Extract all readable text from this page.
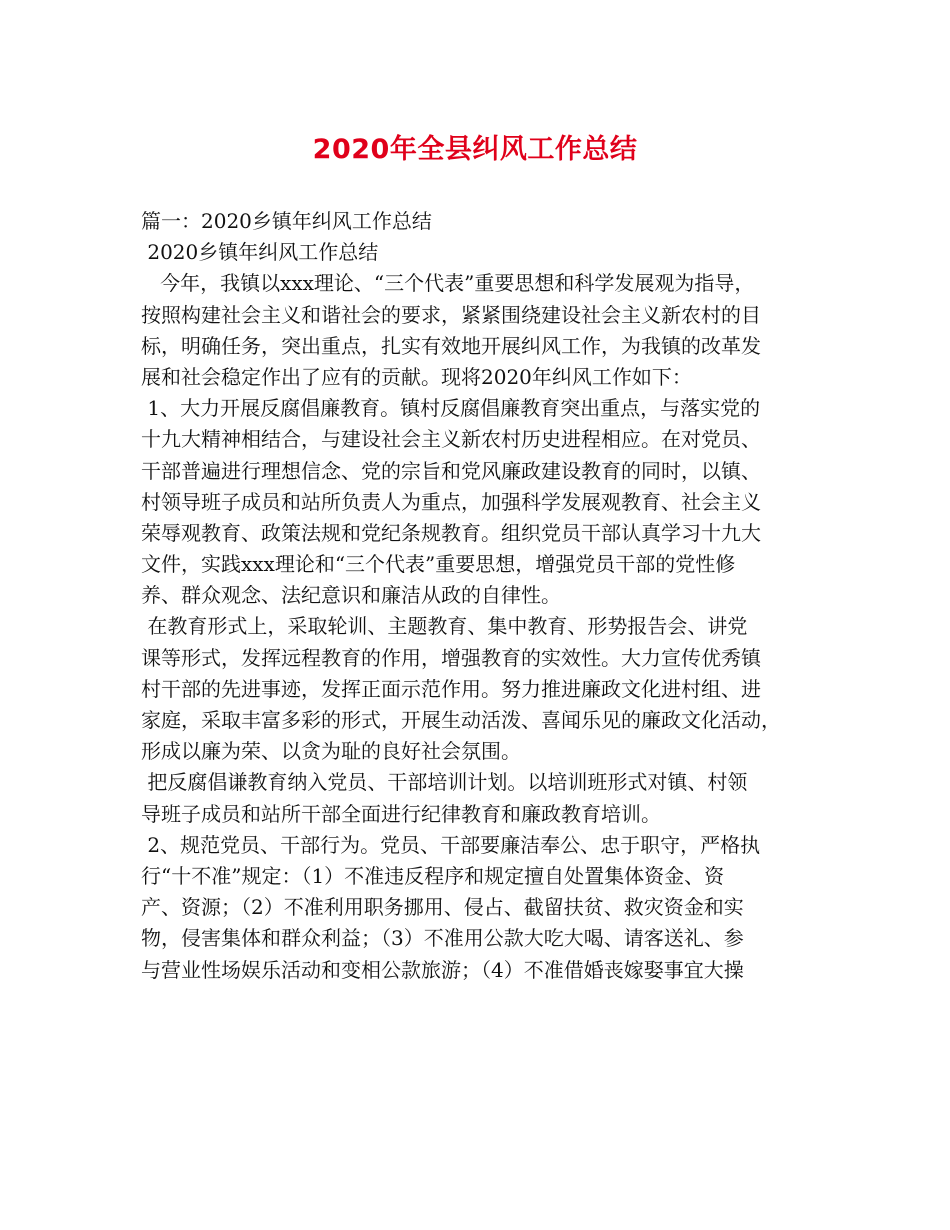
2020年全县纠风工作总结
篇一：2020乡镇年纠风工作总结
2020乡镇年纠风工作总结
今年，我镇以xxx理论、“三个代表”重要思想和科学发展观为指导，
按照构建社会主义和谐社会的要求，紧紧围绕建设社会主义新农村的目
标，明确任务，突出重点，扎实有效地开展纠风工作，为我镇的改革发
展和社会稳定作出了应有的贡献。现将2020年纠风工作如下：
1、大力开展反腐倡廉教育。镇村反腐倡廉教育突出重点，与落实党的
十九大精神相结合，与建设社会主义新农村历史进程相应。在对党员、
干部普遍进行理想信念、党的宗旨和党风廉政建设教育的同时，以镇、
村领导班子成员和站所负责人为重点，加强科学发展观教育、社会主义
荣辱观教育、政策法规和党纪条规教育。组织党员干部认真学习十九大
文件，实践xxx理论和“三个代表”重要思想，增强党员干部的党性修
养、群众观念、法纪意识和廉洁从政的自律性。
在教育形式上，采取轮训、主题教育、集中教育、形势报告会、讲党
课等形式，发挥远程教育的作用，增强教育的实效性。大力宣传优秀镇
村干部的先进事迹，发挥正面示范作用。努力推进廉政文化进村组、进
家庭，采取丰富多彩的形式，开展生动活泼、喜闻乐见的廉政文化活动，
形成以廉为荣、以贪为耻的良好社会氛围。
把反腐倡谦教育纳入党员、干部培训计划。以培训班形式对镇、村领
导班子成员和站所干部全面进行纪律教育和廉政教育培训。
2、规范党员、干部行为。党员、干部要廉洁奉公、忠于职守，严格执
行“十不准”规定：（1）不准违反程序和规定擅自处置集体资金、资
产、资源；（2）不准利用职务挪用、侵占、截留扶贫、救灾资金和实
物，侵害集体和群众利益；（3）不准用公款大吃大喝、请客送礼、参
与营业性场娱乐活动和变相公款旅游；（4）不准借婚丧嫁娶事宜大操
